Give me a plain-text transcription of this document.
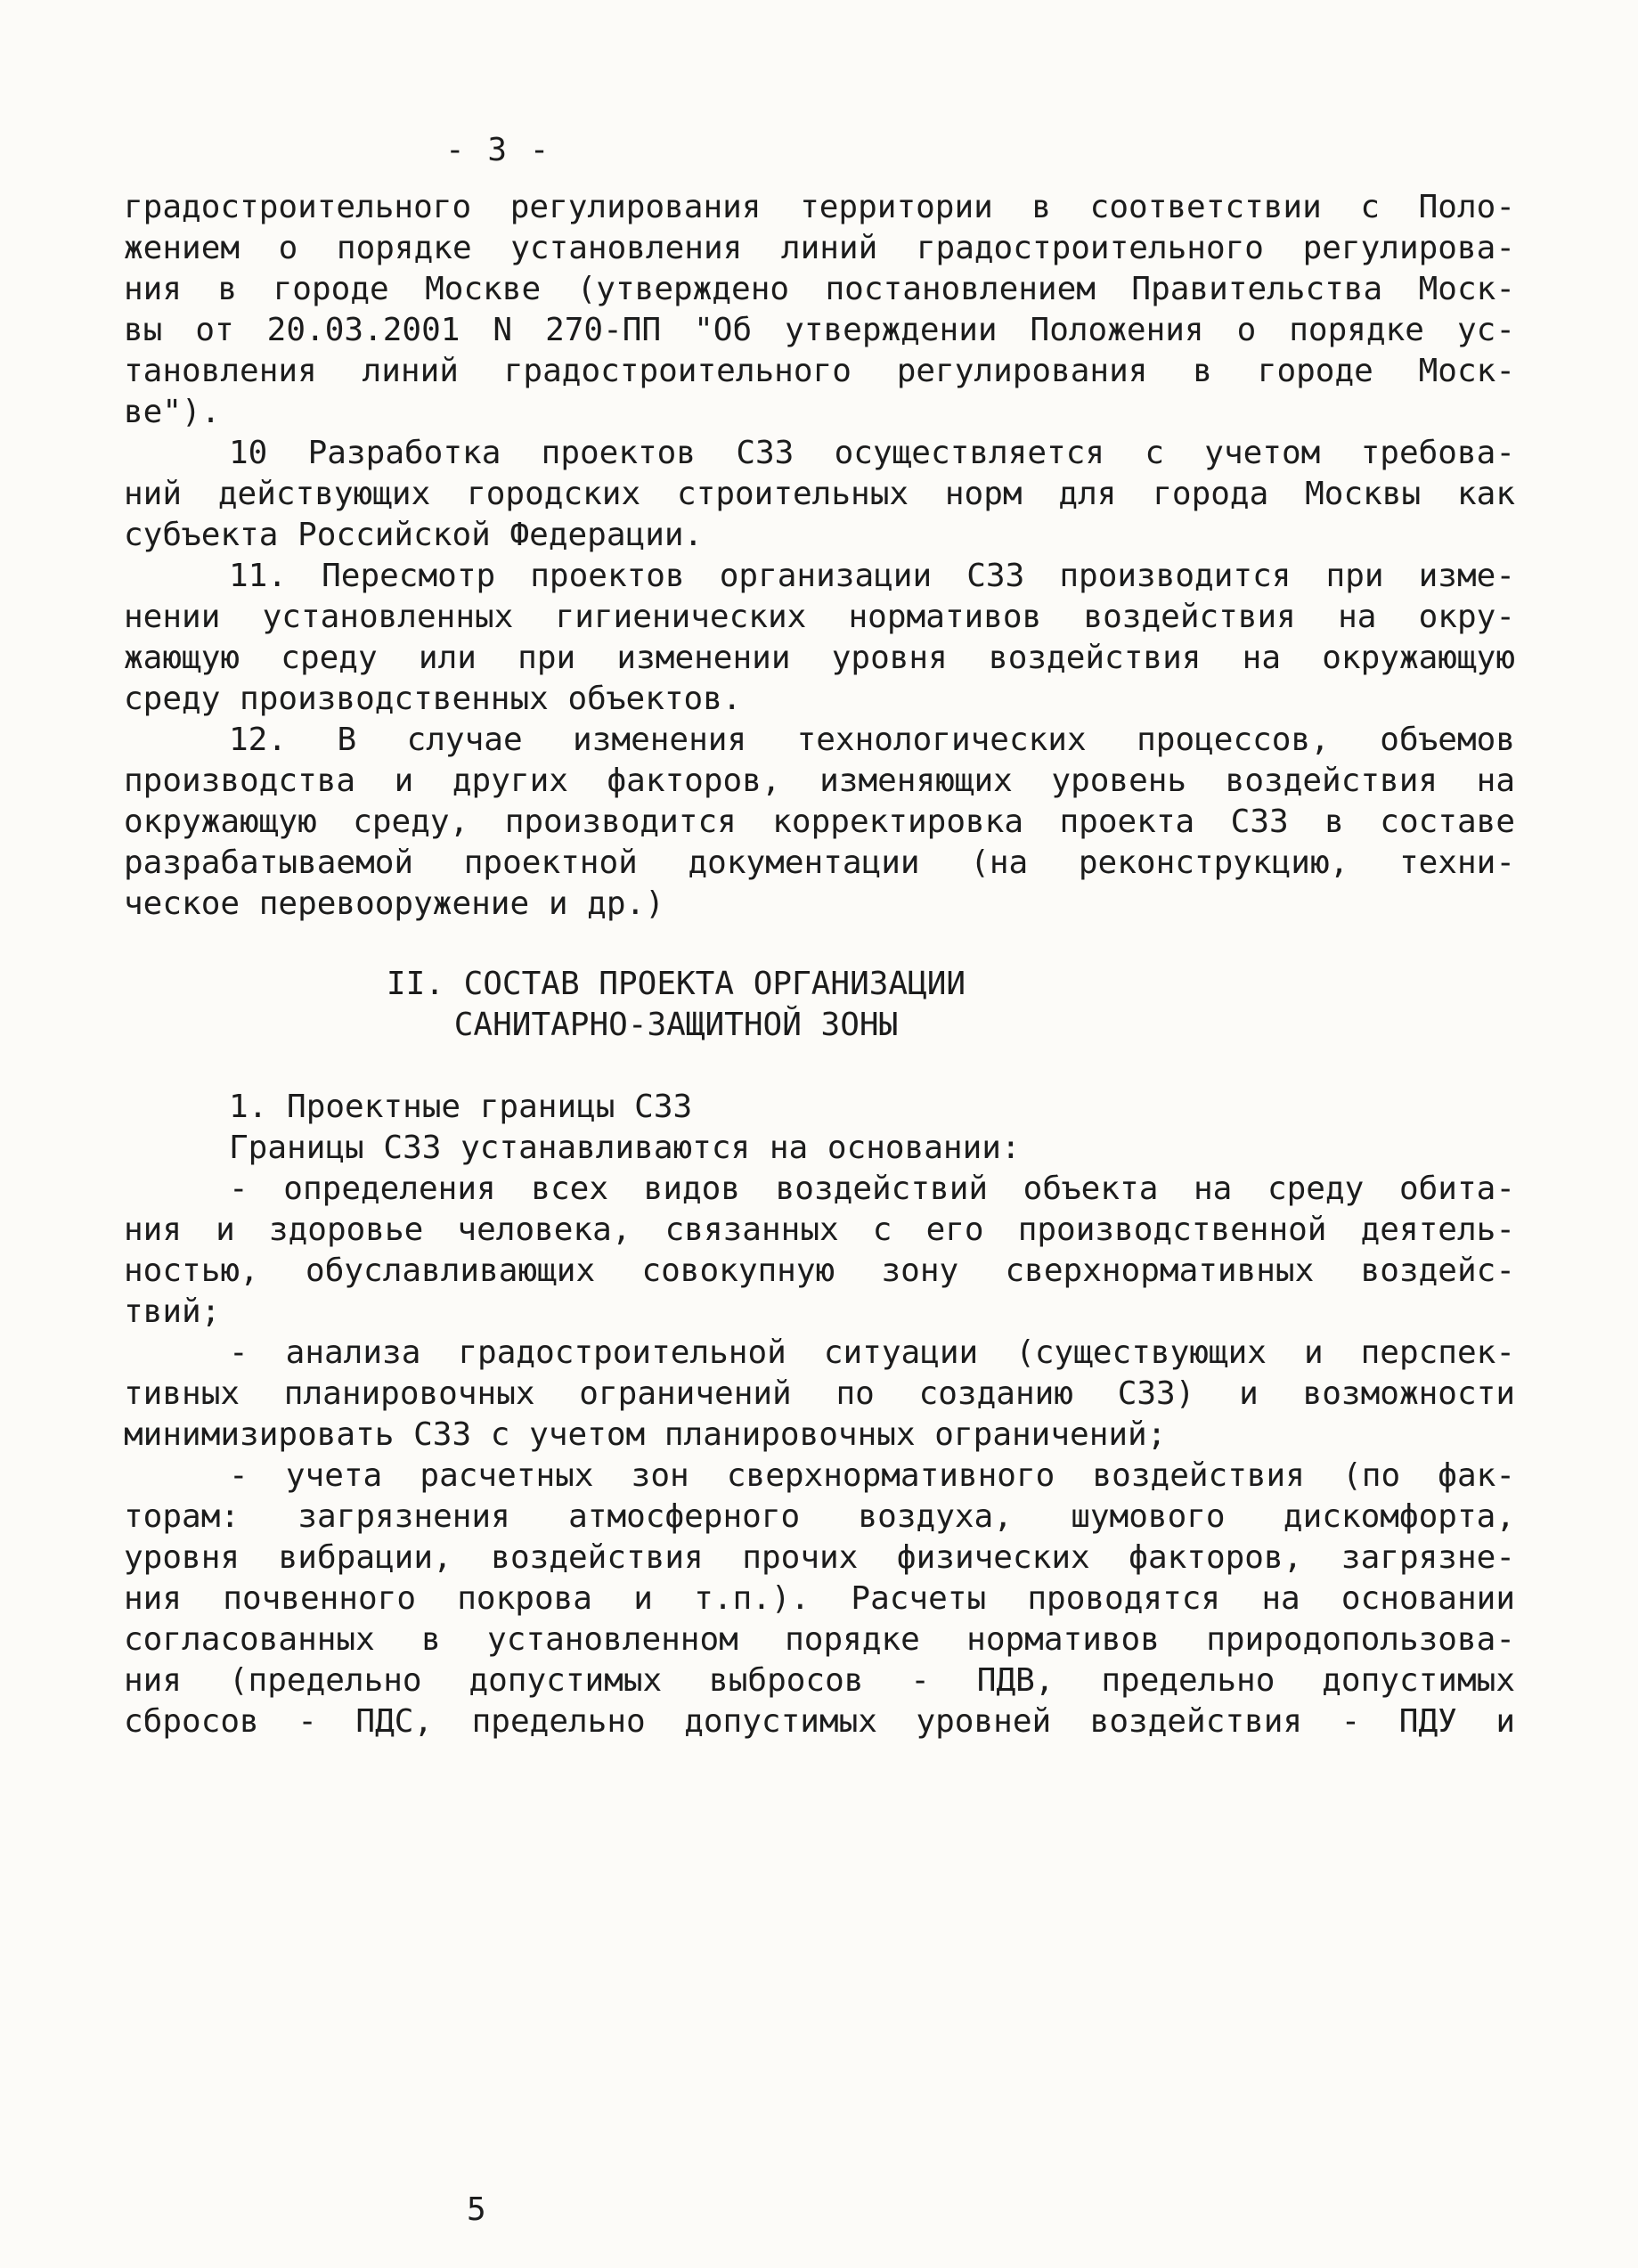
- 3 -
градостроительного регулирования территории в соответствии с Поло-
жением о порядке установления линий градостроительного регулирова-
ния в городе Москве (утверждено постановлением Правительства Моск-
вы от 20.03.2001 N 270-ПП "Об утверждении Положения о порядке ус-
тановления линий градостроительного регулирования в городе Моск-
ве").
10 Разработка проектов СЗЗ осуществляется с учетом требова-
ний действующих городских строительных норм для города Москвы как
субъекта Российской Федерации.
11. Пересмотр проектов организации СЗЗ производится при изме-
нении установленных гигиенических нормативов воздействия на окру-
жающую среду или при изменении уровня воздействия на окружающую
среду производственных объектов.
12. В случае изменения технологических процессов, объемов
производства и других факторов, изменяющих уровень воздействия на
окружающую среду, производится корректировка проекта СЗЗ в составе
разрабатываемой проектной документации (на реконструкцию, техни-
ческое перевооружение и др.)
II. СОСТАВ ПРОЕКТА ОРГАНИЗАЦИИ
САНИТАРНО-ЗАЩИТНОЙ ЗОНЫ
1. Проектные границы СЗЗ
Границы СЗЗ устанавливаются на основании:
- определения всех видов воздействий объекта на среду обита-
ния и здоровье человека, связанных с его производственной деятель-
ностью, обуславливающих совокупную зону сверхнормативных воздейс-
твий;
- анализа градостроительной ситуации (существующих и перспек-
тивных планировочных ограничений по созданию СЗЗ) и возможности
минимизировать СЗЗ с учетом планировочных ограничений;
- учета расчетных зон сверхнормативного воздействия (по фак-
торам: загрязнения атмосферного воздуха, шумового дискомфорта,
уровня вибрации, воздействия прочих физических факторов, загрязне-
ния почвенного покрова и т.п.). Расчеты проводятся на основании
согласованных в установленном порядке нормативов природопользова-
ния (предельно допустимых выбросов - ПДВ, предельно допустимых
сбросов - ПДС, предельно допустимых уровней воздействия - ПДУ и
5
